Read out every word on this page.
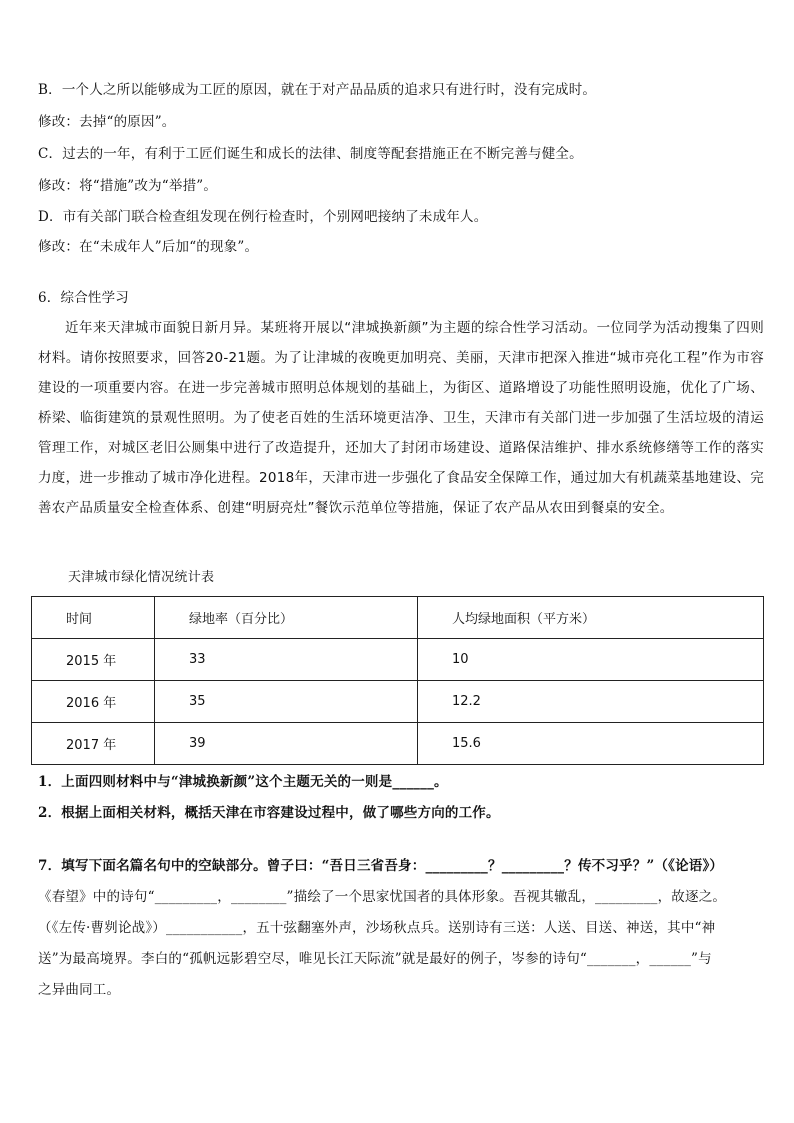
B．一个人之所以能够成为工匠的原因，就在于对产品品质的追求只有进行时，没有完成时。
修改：去掉“的原因”。
C．过去的一年，有利于工匠们诞生和成长的法律、制度等配套措施正在不断完善与健全。
修改：将“措施”改为“举措”。
D．市有关部门联合检查组发现在例行检查时，个别网吧接纳了未成年人。
修改：在“未成年人”后加“的现象”。
6．综合性学习
近年来天津城市面貌日新月异。某班将开展以“津城换新颜”为主题的综合性学习活动。一位同学为活动搜集了四则材料。请你按照要求，回答20-21题。为了让津城的夜晚更加明亮、美丽，天津市把深入推进“城市亮化工程”作为市容建设的一项重要内容。在进一步完善城市照明总体规划的基础上，为街区、道路增设了功能性照明设施，优化了广场、桥梁、临街建筑的景观性照明。为了使老百姓的生活环境更洁净、卫生，天津市有关部门进一步加强了生活垃圾的清运管理工作，对城区老旧公厕集中进行了改造提升，还加大了封闭市场建设、道路保洁维护、排水系统修缮等工作的落实力度，进一步推动了城市净化进程。2018年，天津市进一步强化了食品安全保障工作，通过加大有机蔬菜基地建设、完善农产品质量安全检查体系、创建“明厨亮灶”餐饮示范单位等措施，保证了农产品从农田到餐桌的安全。
天津城市绿化情况统计表
时间	绿地率（百分比）	人均绿地面积（平方米）
2015 年	33	10
2016 年	35	12.2
2017 年	39	15.6
1．上面四则材料中与“津城换新颜”这个主题无关的一则是______。
2．根据上面相关材料，概括天津在市容建设过程中，做了哪些方向的工作。
7．填写下面名篇名句中的空缺部分。曾子曰：“吾日三省吾身：_________？_________？传不习乎？”（《论语》）
《春望》中的诗句“_________，________”描绘了一个思家忧国者的具体形象。吾视其辙乱，_________，故逐之。
（《左传·曹刿论战》）___________，五十弦翻塞外声，沙场秋点兵。送别诗有三送：人送、目送、神送，其中“神
送”为最高境界。李白的“孤帆远影碧空尽，唯见长江天际流”就是最好的例子，岑参的诗句“_______，______”与
之异曲同工。
